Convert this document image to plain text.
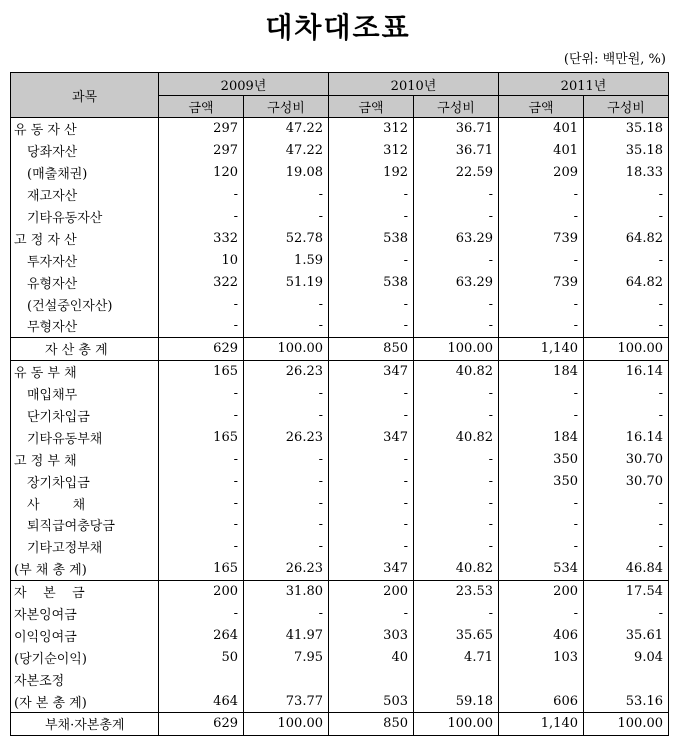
대차대조표
(단위: 백만원, %)
과목	2009년		2010년		2011년	
	금액	구성비	금액	구성비	금액	구성비
유 동 자 산	297	47.22	312	36.71	401	35.18
당좌자산	297	47.22	312	36.71	401	35.18
(매출채권)	120	19.08	192	22.59	209	18.33
재고자산	-	-	-	-	-	-
기타유동자산	-	-	-	-	-	-
고 정 자 산	332	52.78	538	63.29	739	64.82
투자자산	10	1.59	-	-	-	-
유형자산	322	51.19	538	63.29	739	64.82
(건설중인자산)	-	-	-	-	-	-
무형자산	-	-	-	-	-	-
자 산 총 계	629	100.00	850	100.00	1,140	100.00
유 동 부 채	165	26.23	347	40.82	184	16.14
매입채무	-	-	-	-	-	-
단기차입금	-	-	-	-	-	-
기타유동부채	165	26.23	347	40.82	184	16.14
고 정 부 채	-	-	-	-	350	30.70
장기차입금	-	-	-	-	350	30.70
사        채	-	-	-	-	-	-
퇴직급여충당금	-	-	-	-	-	-
기타고정부채	-	-	-	-	-	-
(부 채 총 계)	165	26.23	347	40.82	534	46.84
자    본    금	200	31.80	200	23.53	200	17.54
자본잉여금	-	-	-	-	-	-
이익잉여금	264	41.97	303	35.65	406	35.61
(당기순이익)	50	7.95	40	4.71	103	9.04
자본조정						
(자 본 총 계)	464	73.77	503	59.18	606	53.16
부채·자본총계	629	100.00	850	100.00	1,140	100.00
